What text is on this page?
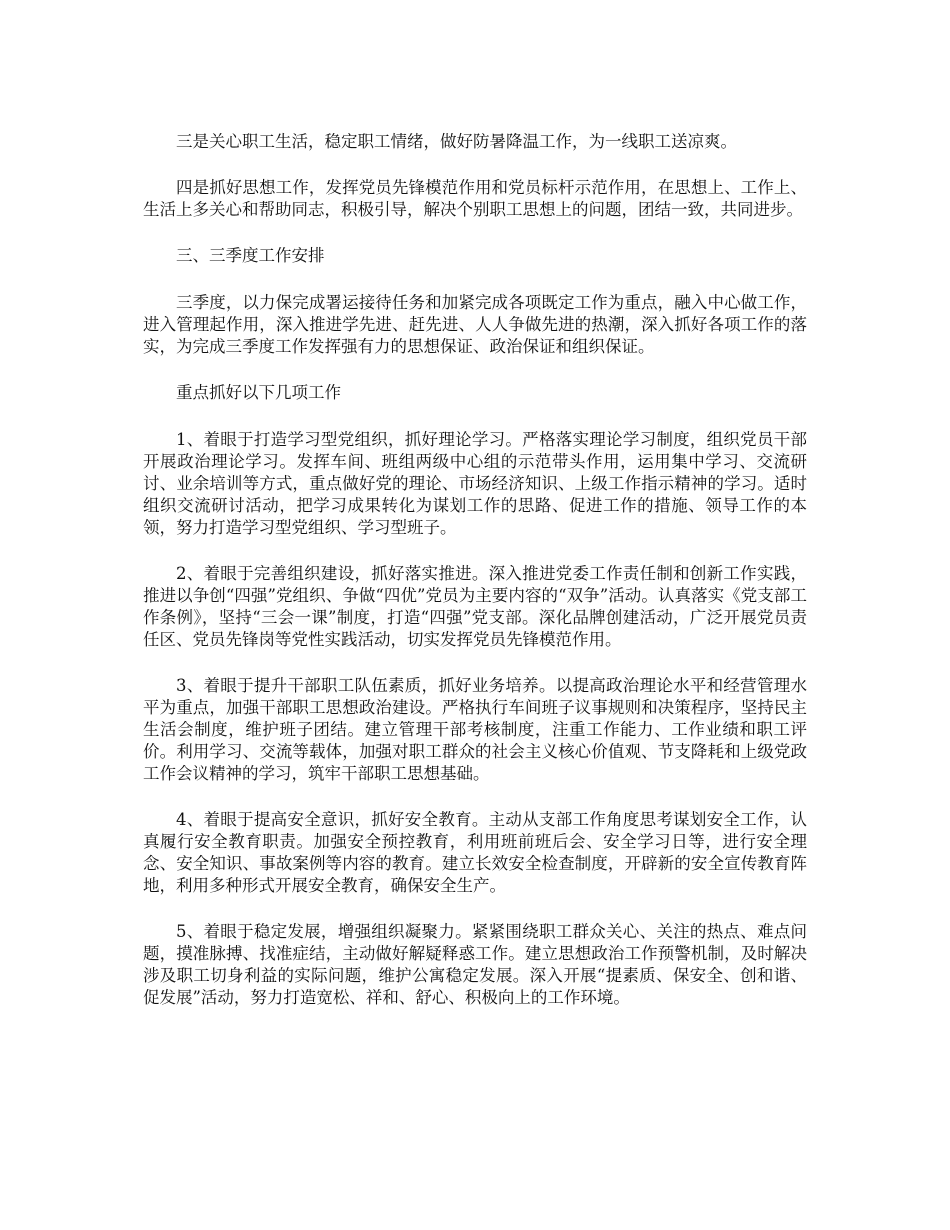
三是关心职工生活，稳定职工情绪，做好防暑降温工作，为一线职工送凉爽。

四是抓好思想工作，发挥党员先锋模范作用和党员标杆示范作用，在思想上、工作上、生活上多关心和帮助同志，积极引导，解决个别职工思想上的问题，团结一致，共同进步。

三、三季度工作安排

三季度，以力保完成署运接待任务和加紧完成各项既定工作为重点，融入中心做工作，进入管理起作用，深入推进学先进、赶先进、人人争做先进的热潮，深入抓好各项工作的落实，为完成三季度工作发挥强有力的思想保证、政治保证和组织保证。

重点抓好以下几项工作

1、着眼于打造学习型党组织，抓好理论学习。严格落实理论学习制度，组织党员干部开展政治理论学习。发挥车间、班组两级中心组的示范带头作用，运用集中学习、交流研讨、业余培训等方式，重点做好党的理论、市场经济知识、上级工作指示精神的学习。适时组织交流研讨活动，把学习成果转化为谋划工作的思路、促进工作的措施、领导工作的本领，努力打造学习型党组织、学习型班子。

2、着眼于完善组织建设，抓好落实推进。深入推进党委工作责任制和创新工作实践，推进以争创“四强”党组织、争做“四优”党员为主要内容的“双争”活动。认真落实《党支部工作条例》，坚持“三会一课”制度，打造“四强”党支部。深化品牌创建活动，广泛开展党员责任区、党员先锋岗等党性实践活动，切实发挥党员先锋模范作用。

3、着眼于提升干部职工队伍素质，抓好业务培养。以提高政治理论水平和经营管理水平为重点，加强干部职工思想政治建设。严格执行车间班子议事规则和决策程序，坚持民主生活会制度，维护班子团结。建立管理干部考核制度，注重工作能力、工作业绩和职工评价。利用学习、交流等载体，加强对职工群众的社会主义核心价值观、节支降耗和上级党政工作会议精神的学习，筑牢干部职工思想基础。

4、着眼于提高安全意识，抓好安全教育。主动从支部工作角度思考谋划安全工作，认真履行安全教育职责。加强安全预控教育，利用班前班后会、安全学习日等，进行安全理念、安全知识、事故案例等内容的教育。建立长效安全检查制度，开辟新的安全宣传教育阵地，利用多种形式开展安全教育，确保安全生产。

5、着眼于稳定发展，增强组织凝聚力。紧紧围绕职工群众关心、关注的热点、难点问题，摸准脉搏、找准症结，主动做好解疑释惑工作。建立思想政治工作预警机制，及时解决涉及职工切身利益的实际问题，维护公寓稳定发展。深入开展“提素质、保安全、创和谐、促发展”活动，努力打造宽松、祥和、舒心、积极向上的工作环境。
